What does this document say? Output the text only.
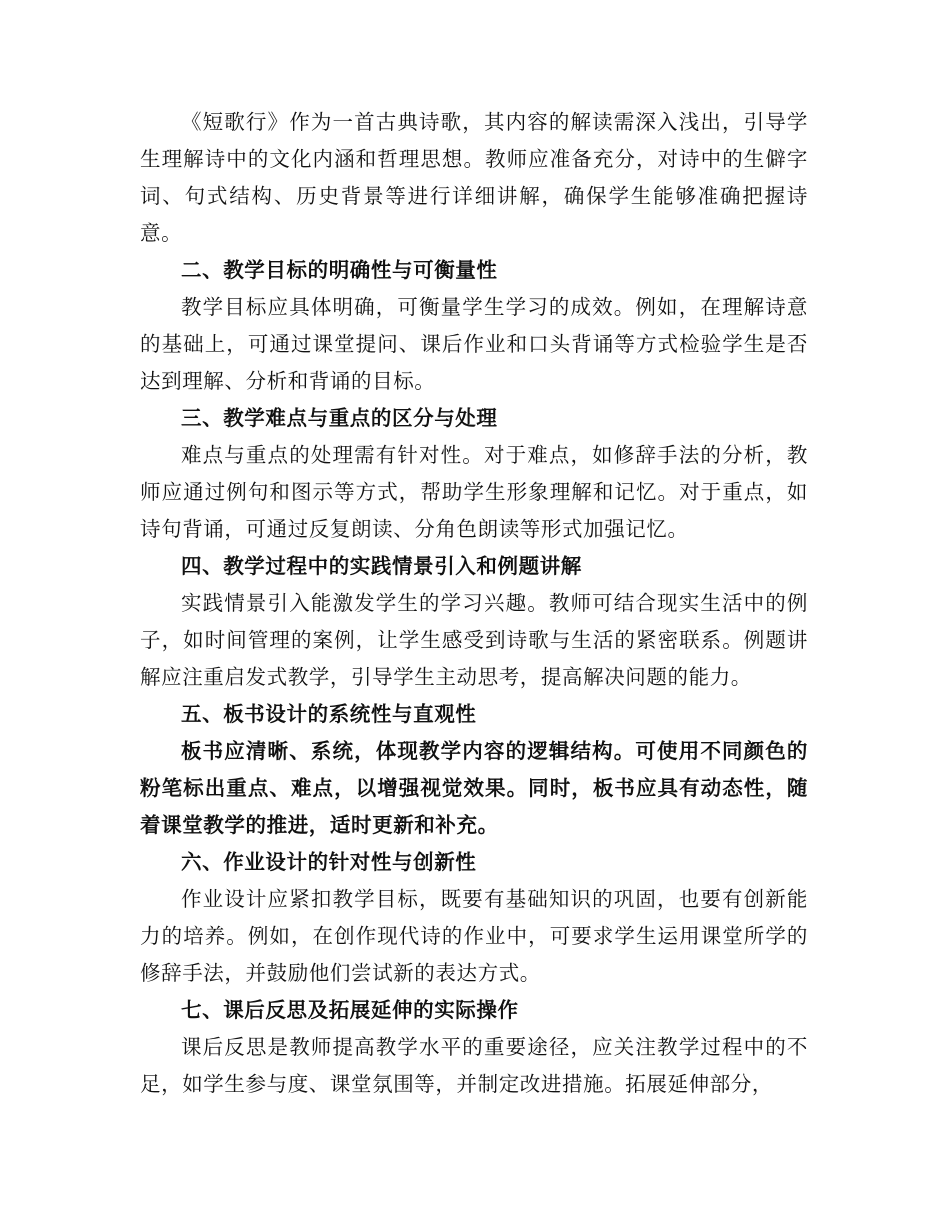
《短歌行》作为一首古典诗歌，其内容的解读需深入浅出，引导学生理解诗中的文化内涵和哲理思想。教师应准备充分，对诗中的生僻字词、句式结构、历史背景等进行详细讲解，确保学生能够准确把握诗意。

二、教学目标的明确性与可衡量性

教学目标应具体明确，可衡量学生学习的成效。例如，在理解诗意的基础上，可通过课堂提问、课后作业和口头背诵等方式检验学生是否达到理解、分析和背诵的目标。

三、教学难点与重点的区分与处理

难点与重点的处理需有针对性。对于难点，如修辞手法的分析，教师应通过例句和图示等方式，帮助学生形象理解和记忆。对于重点，如诗句背诵，可通过反复朗读、分角色朗读等形式加强记忆。

四、教学过程中的实践情景引入和例题讲解

实践情景引入能激发学生的学习兴趣。教师可结合现实生活中的例子，如时间管理的案例，让学生感受到诗歌与生活的紧密联系。例题讲解应注重启发式教学，引导学生主动思考，提高解决问题的能力。

五、板书设计的系统性与直观性

板书应清晰、系统，体现教学内容的逻辑结构。可使用不同颜色的粉笔标出重点、难点，以增强视觉效果。同时，板书应具有动态性，随着课堂教学的推进，适时更新和补充。

六、作业设计的针对性与创新性

作业设计应紧扣教学目标，既要有基础知识的巩固，也要有创新能力的培养。例如，在创作现代诗的作业中，可要求学生运用课堂所学的修辞手法，并鼓励他们尝试新的表达方式。

七、课后反思及拓展延伸的实际操作

课后反思是教师提高教学水平的重要途径，应关注教学过程中的不足，如学生参与度、课堂氛围等，并制定改进措施。拓展延伸部分，
